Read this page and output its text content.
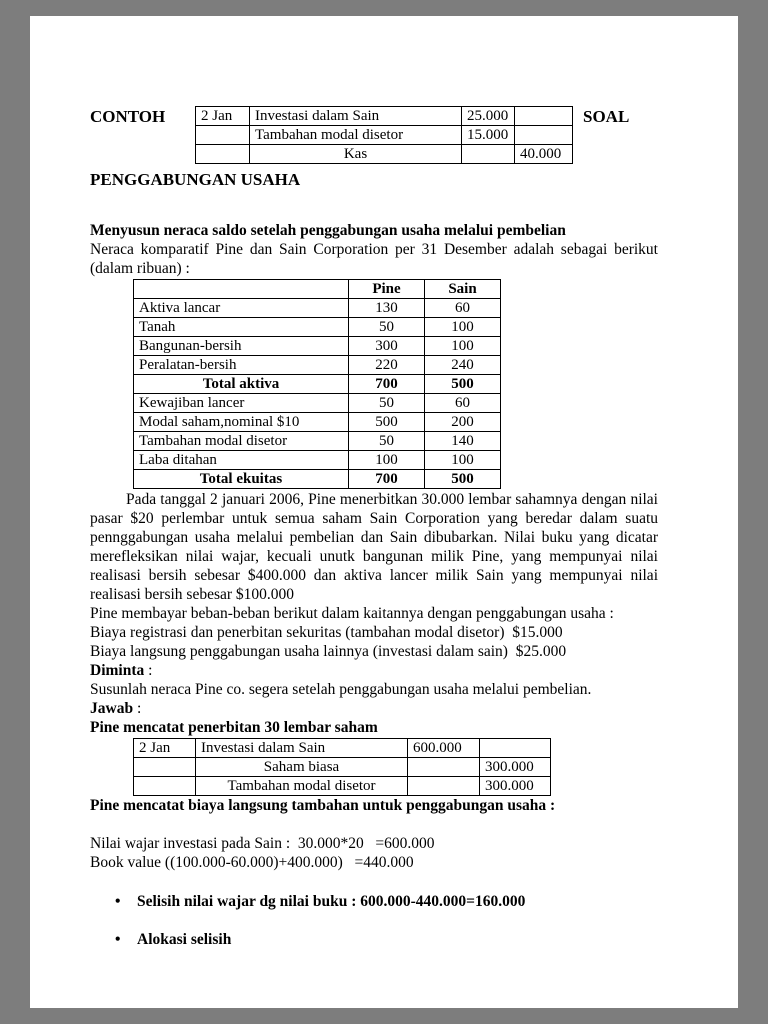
CONTOH	2 Jan	Investasi dalam Sain	25.000	
	Tambahan modal disetor	15.000	
	Kas		40.000
SOAL
PENGGABUNGAN USAHA
Menyusun neraca saldo setelah penggabungan usaha melalui pembelian
Neraca komparatif Pine dan Sain Corporation per 31 Desember adalah sebagai berikut (dalam ribuan) :
	Pine	Sain
Aktiva lancar	130	60
Tanah	50	100
Bangunan-bersih	300	100
Peralatan-bersih	220	240
Total aktiva	700	500
Kewajiban lancer	50	60
Modal saham,nominal $10	500	200
Tambahan modal disetor	50	140
Laba ditahan	100	100
Total ekuitas	700	500
Pada tanggal 2 januari 2006, Pine menerbitkan 30.000 lembar sahamnya dengan nilai pasar $20 perlembar untuk semua saham Sain Corporation yang beredar dalam suatu pennggabungan usaha melalui pembelian dan Sain dibubarkan. Nilai buku yang dicatar merefleksikan nilai wajar, kecuali unutk bangunan milik Pine, yang mempunyai nilai realisasi bersih sebesar $400.000 dan aktiva lancer milik Sain yang mempunyai nilai realisasi bersih sebesar $100.000
Pine membayar beban-beban berikut dalam kaitannya dengan penggabungan usaha :
Biaya registrasi dan penerbitan sekuritas (tambahan modal disetor)  $15.000
Biaya langsung penggabungan usaha lainnya (investasi dalam sain)  $25.000
Diminta :
Susunlah neraca Pine co. segera setelah penggabungan usaha melalui pembelian.
Jawab :
Pine mencatat penerbitan 30 lembar saham
2 Jan	Investasi dalam Sain	600.000	
	Saham biasa		300.000
	Tambahan modal disetor		300.000
Pine mencatat biaya langsung tambahan untuk penggabungan usaha :
Nilai wajar investasi pada Sain :  30.000*20   =600.000
Book value ((100.000-60.000)+400.000)   =440.000
•	Selisih nilai wajar dg nilai buku : 600.000-440.000=160.000
•	Alokasi selisih
